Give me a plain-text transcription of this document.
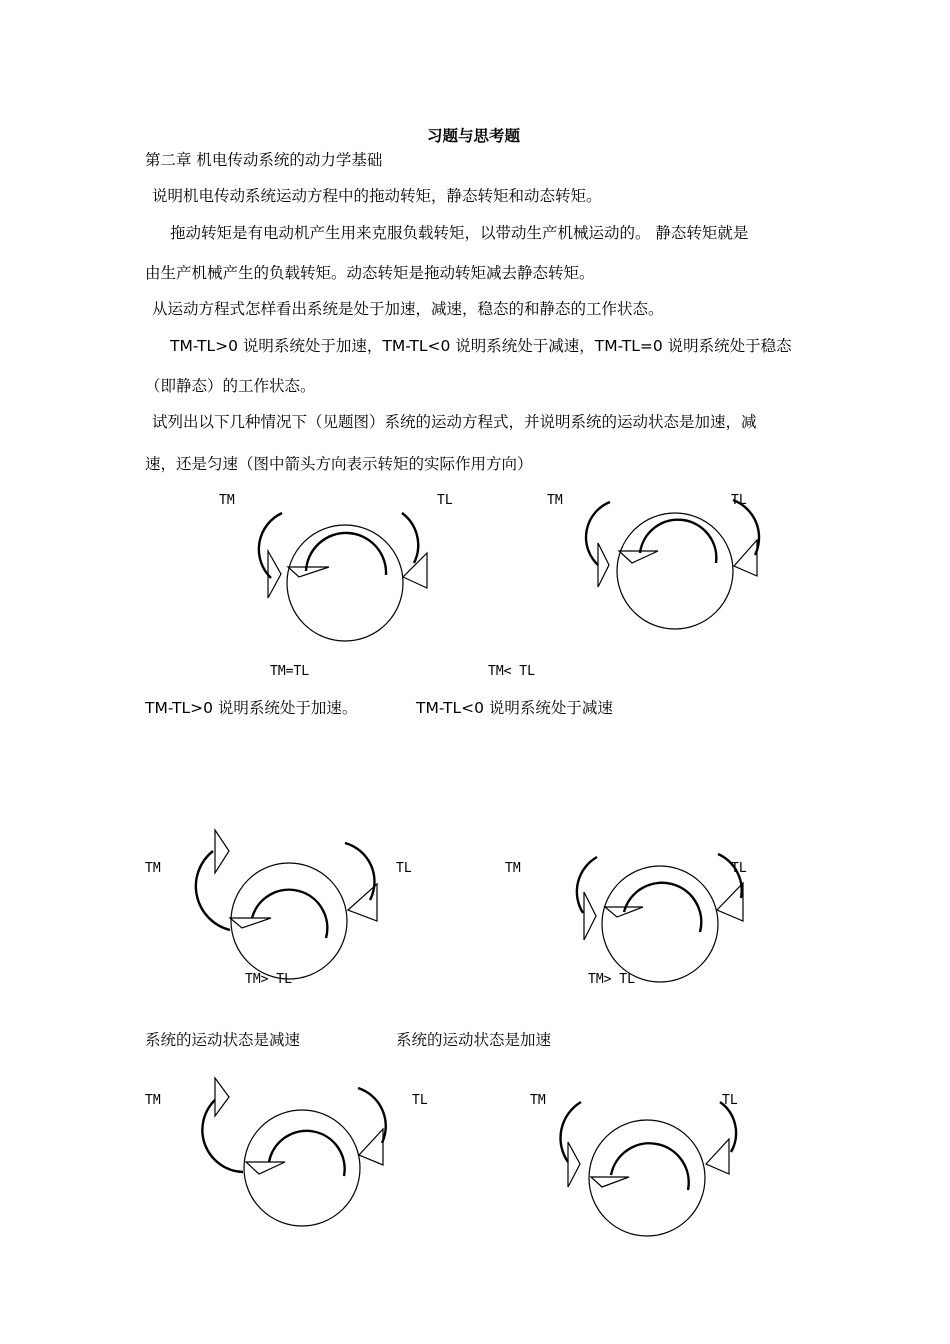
习题与思考题
第二章 机电传动系统的动力学基础
说明机电传动系统运动方程中的拖动转矩，静态转矩和动态转矩。
拖动转矩是有电动机产生用来克服负载转矩，以带动生产机械运动的。 静态转矩就是
由生产机械产生的负载转矩。动态转矩是拖动转矩减去静态转矩。
从运动方程式怎样看出系统是处于加速，减速，稳态的和静态的工作状态。
TM-TL>0 说明系统处于加速，TM-TL<0 说明系统处于减速，TM-TL=0 说明系统处于稳态
（即静态）的工作状态。
试列出以下几种情况下（见题图）系统的运动方程式，并说明系统的运动状态是加速，减
速，还是匀速（图中箭头方向表示转矩的实际作用方向）
TM	TL
TM=TL
TM	TL
TM< TL
TM-TL>0 说明系统处于加速。	TM-TL<0 说明系统处于减速
TM	TL
TM> TL
TM	TL
TM> TL
系统的运动状态是减速	系统的运动状态是加速
TM	TL	TM	TL
